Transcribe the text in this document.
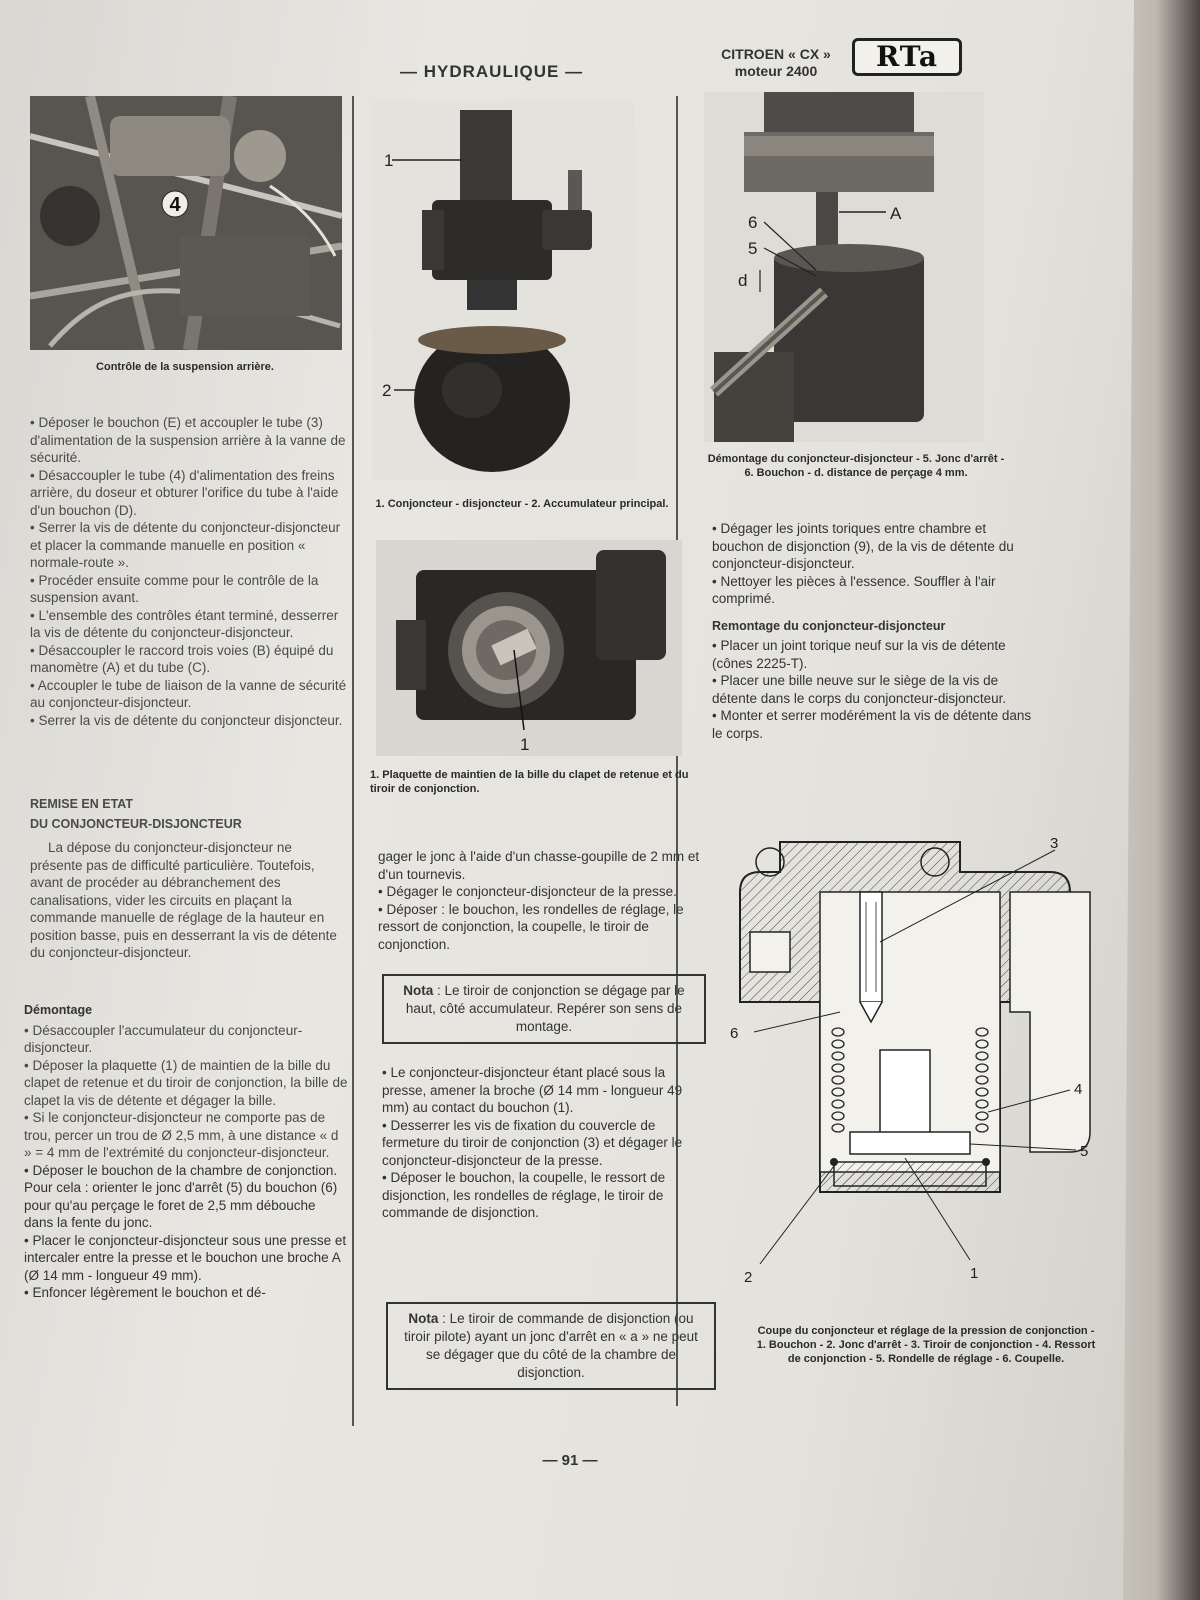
— HYDRAULIQUE —
CITROEN « CX »
moteur 2400	RTa
4
Contrôle de la suspension arrière.

• Déposer le bouchon (E) et accoupler le tube (3) d'alimentation de la suspension arrière à la vanne de sécurité.

• Désaccoupler le tube (4) d'alimentation des freins arrière, du doseur et obturer l'orifice du tube à l'aide d'un bouchon (D).

• Serrer la vis de détente du conjoncteur-disjoncteur et placer la commande manuelle en position « normale-route ».

• Procéder ensuite comme pour le contrôle de la suspension avant.

• L'ensemble des contrôles étant terminé, desserrer la vis de détente du conjoncteur-disjoncteur.

• Désaccoupler le raccord trois voies (B) équipé du manomètre (A) et du tube (C).

• Accoupler le tube de liaison de la vanne de sécurité au conjoncteur-disjoncteur.

• Serrer la vis de détente du conjoncteur disjoncteur.

REMISE EN ETAT
DU CONJONCTEUR-DISJONCTEUR

La dépose du conjoncteur-disjoncteur ne présente pas de difficulté particulière. Toutefois, avant de procéder au débranchement des canalisations, vider les circuits en plaçant la commande manuelle de réglage de la hauteur en position basse, puis en desserrant la vis de détente du conjoncteur-disjoncteur.

Démontage

• Désaccoupler l'accumulateur du conjoncteur-disjoncteur.

• Déposer la plaquette (1) de maintien de la bille du clapet de retenue et du tiroir de conjonction, la bille de clapet la vis de détente et dégager la bille.

• Si le conjoncteur-disjoncteur ne comporte pas de trou, percer un trou de Ø 2,5 mm, à une distance « d » = 4 mm de l'extrémité du conjoncteur-disjoncteur.

• Déposer le bouchon de la chambre de conjonction. Pour cela : orienter le jonc d'arrêt (5) du bouchon (6) pour qu'au perçage le foret de 2,5 mm débouche dans la fente du jonc.

• Placer le conjoncteur-disjoncteur sous une presse et intercaler entre la presse et le bouchon une broche A (Ø 14 mm - longueur 49 mm).

• Enfoncer légèrement le bouchon et dé-

1
2
1. Conjoncteur - disjoncteur - 2. Accumulateur principal.
1
1. Plaquette de maintien de la bille du clapet de retenue et du tiroir de conjonction.

gager le jonc à l'aide d'un chasse-goupille de 2 mm et d'un tournevis.

• Dégager le conjoncteur-disjoncteur de la presse.

• Déposer : le bouchon, les rondelles de réglage, le ressort de conjonction, la coupelle, le tiroir de conjonction.

Nota : Le tiroir de conjonction se dégage par le haut, côté accumulateur. Repérer son sens de montage.

• Le conjoncteur-disjoncteur étant placé sous la presse, amener la broche (Ø 14 mm - longueur 49 mm) au contact du bouchon (1).

• Desserrer les vis de fixation du couvercle de fermeture du tiroir de conjonction (3) et dégager le conjoncteur-disjoncteur de la presse.

• Déposer le bouchon, la coupelle, le ressort de disjonction, les rondelles de réglage, le tiroir de commande de disjonction.

Nota : Le tiroir de commande de disjonction (ou tiroir pilote) ayant un jonc d'arrêt en « a » ne peut se dégager que du côté de la chambre de disjonction.
A
6
5
d
Démontage du conjoncteur-disjoncteur - 5. Jonc d'arrêt - 6. Bouchon - d. distance de perçage 4 mm.

• Dégager les joints toriques entre chambre et bouchon de disjonction (9), de la vis de détente du conjoncteur-disjoncteur.

• Nettoyer les pièces à l'essence. Souffler à l'air comprimé.

Remontage du conjoncteur-disjoncteur

• Placer un joint torique neuf sur la vis de détente (cônes 2225-T).

• Placer une bille neuve sur le siège de la vis de détente dans le corps du conjoncteur-disjoncteur.

• Monter et serrer modérément la vis de détente dans le corps.

3
6
4
5
2	1
Coupe du conjoncteur et réglage de la pression de conjonction - 1. Bouchon - 2. Jonc d'arrêt - 3. Tiroir de conjonction - 4. Ressort de conjonction - 5. Rondelle de réglage - 6. Coupelle.
— 91 —
